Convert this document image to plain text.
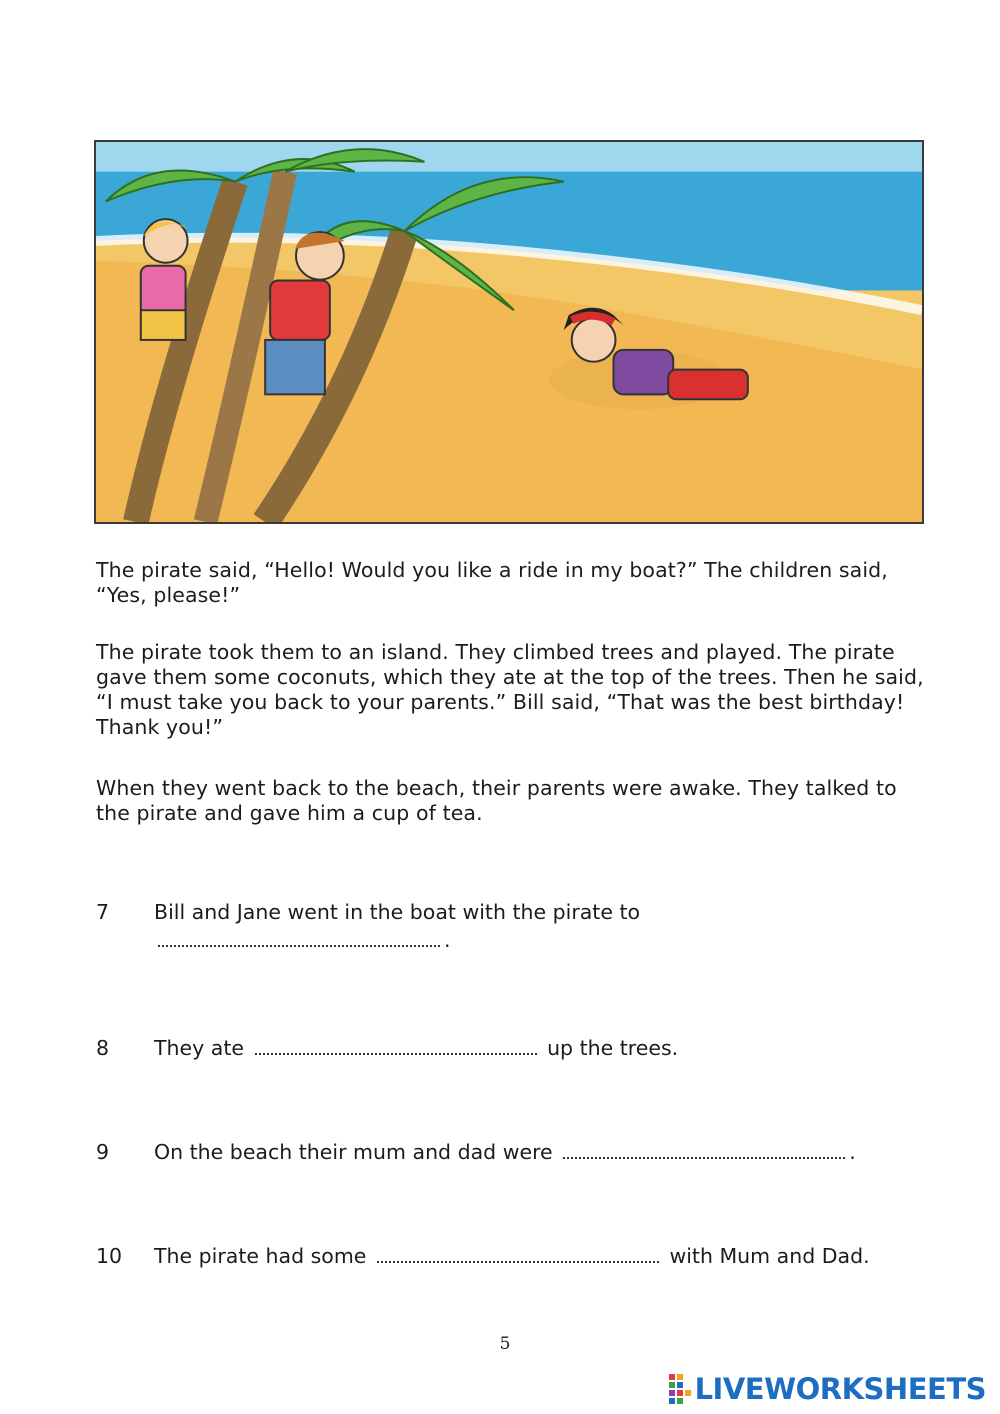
The pirate said, “Hello! Would you like a ride in my boat?” The children said, “Yes, please!”

The pirate took them to an island. They climbed trees and played. The pirate gave them some coconuts, which they ate at the top of the trees. Then he said, “I must take you back to your parents.” Bill said, “That was the best birthday! Thank you!”

When they went back to the beach, their parents were awake. They talked to the pirate and gave him a cup of tea.

7 Bill and Jane went in the boat with the pirate to
.
8 They ate	up the trees.
9 On the beach their mum and dad were	.
10 The pirate had some	with Mum and Dad.
5
LIVEWORKSHEETS
